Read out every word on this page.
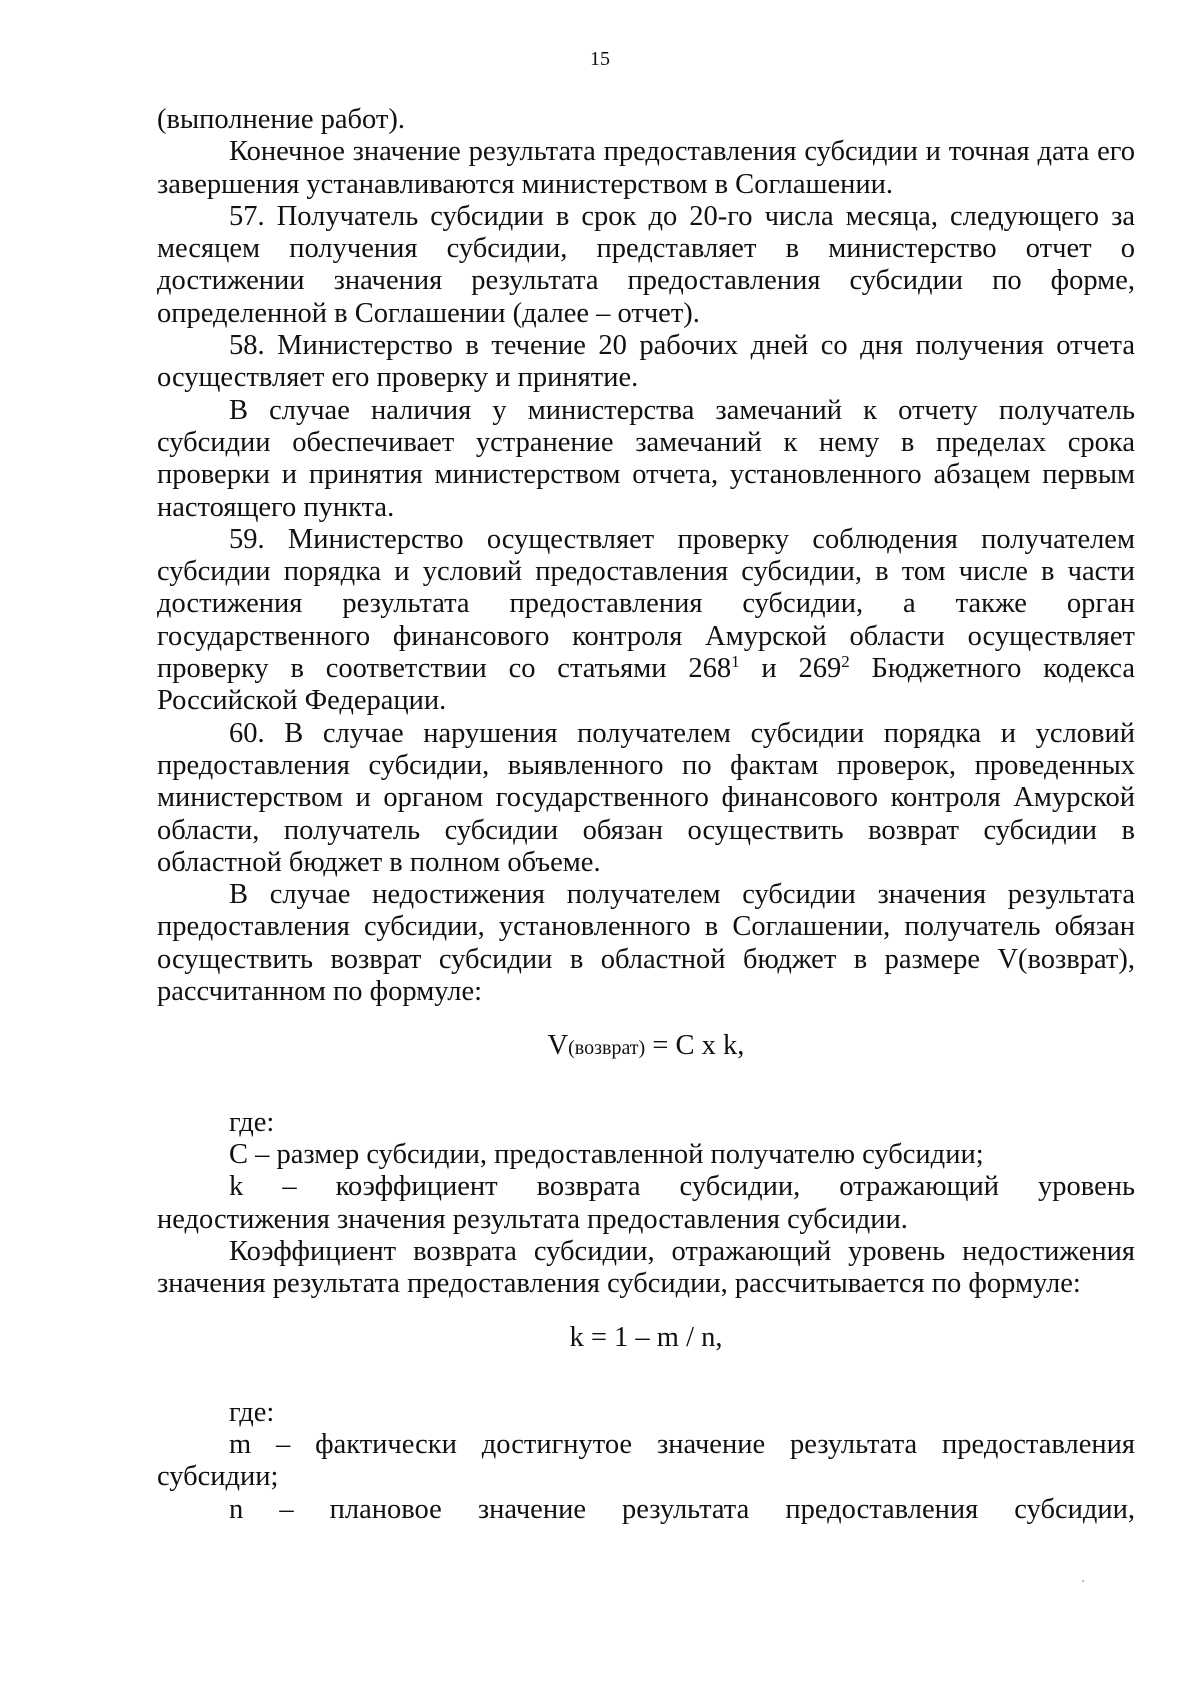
15

(выполнение работ).

Конечное значение результата предоставления субсидии и точная дата его завершения устанавливаются министерством в Соглашении.

57. Получатель субсидии в срок до 20-го числа месяца, следующего за месяцем получения субсидии, представляет в министерство отчет о достижении значения результата предоставления субсидии по форме, определенной в Соглашении (далее – отчет).

58. Министерство в течение 20 рабочих дней со дня получения отчета осуществляет его проверку и принятие.

В случае наличия у министерства замечаний к отчету получатель субсидии обеспечивает устранение замечаний к нему в пределах срока проверки и принятия министерством отчета, установленного абзацем первым настоящего пункта.

59. Министерство осуществляет проверку соблюдения получателем субсидии порядка и условий предоставления субсидии, в том числе в части достижения результата предоставления субсидии, а также орган государственного финансового контроля Амурской области осуществляет проверку в соответствии со статьями $268^1$ и $269^2$ Бюджетного кодекса Российской Федерации.

60. В случае нарушения получателем субсидии порядка и условий предоставления субсидии, выявленного по фактам проверок, проведенных министерством и органом государственного финансового контроля Амурской области, получатель субсидии обязан осуществить возврат субсидии в областной бюджет в полном объеме.

В случае недостижения получателем субсидии значения результата предоставления субсидии, установленного в Соглашении, получатель обязан осуществить возврат субсидии в областной бюджет в размере V(возврат), рассчитанном по формуле:

V(возврат) = C x k,

где:

C – размер субсидии, предоставленной получателю субсидии;

k – коэффициент возврата субсидии, отражающий уровень

недостижения значения результата предоставления субсидии.

Коэффициент возврата субсидии, отражающий уровень недостижения значения результата предоставления субсидии, рассчитывается по формуле:

k = 1 – m / n,

где:

m – фактически достигнутое значение результата предоставления

субсидии;

n – плановое значение результата предоставления субсидии,
